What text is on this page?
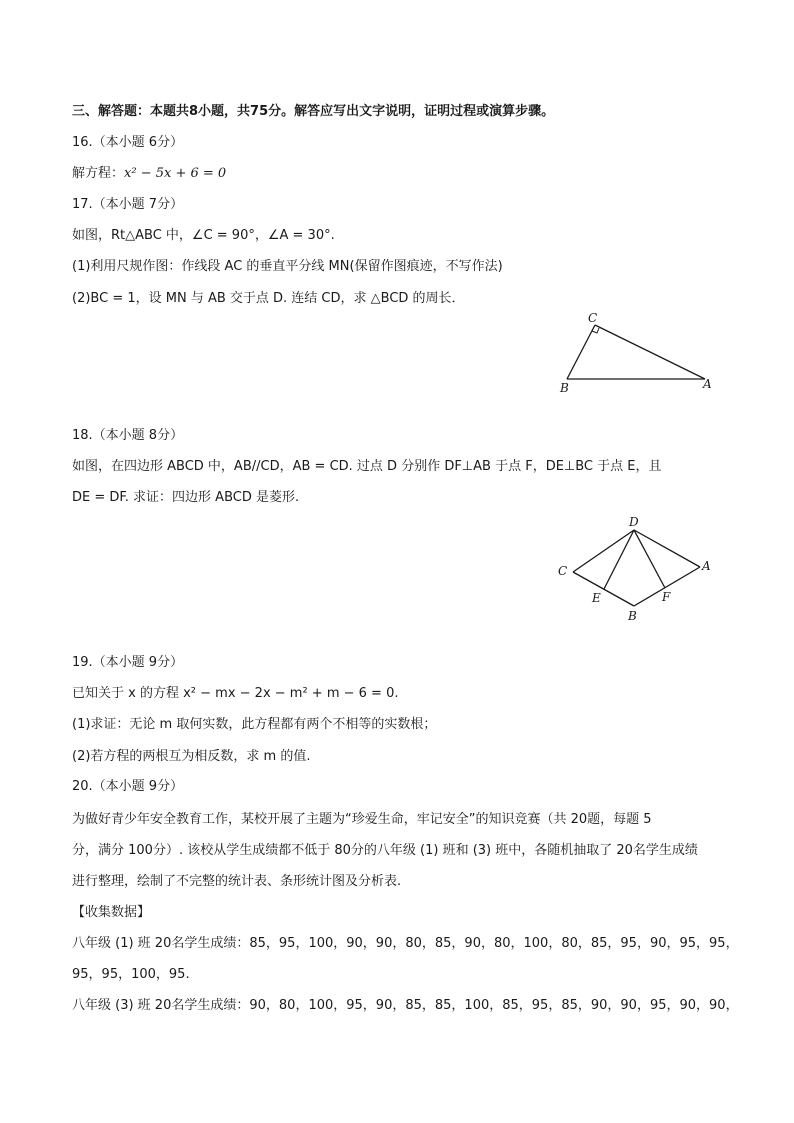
三、解答题：本题共8小题，共75分。解答应写出文字说明，证明过程或演算步骤。
16.（本小题 6分）
解方程：x² − 5x + 6 = 0
17.（本小题 7分）
如图，Rt△ABC 中，∠C = 90°，∠A = 30°.
(1)利用尺规作图：作线段 AC 的垂直平分线 MN(保留作图痕迹，不写作法)
(2)BC = 1，设 MN 与 AB 交于点 D. 连结 CD，求 △BCD 的周长．
C
B	A
18.（本小题 8分）
如图，在四边形 ABCD 中，AB//CD，AB = CD. 过点 D 分别作 DF⊥AB 于点 F，DE⊥BC 于点 E，且
DE = DF. 求证：四边形 ABCD 是菱形.
D
C	A
E	F
B
19.（本小题 9分）
已知关于 x 的方程 x² − mx − 2x − m² + m − 6 = 0.
(1)求证：无论 m 取何实数，此方程都有两个不相等的实数根；
(2)若方程的两根互为相反数，求 m 的值.
20.（本小题 9分）
为做好青少年安全教育工作，某校开展了主题为“珍爱生命，牢记安全”的知识竞赛（共 20题，每题 5
分，满分 100分）. 该校从学生成绩都不低于 80分的八年级 (1) 班和 (3) 班中，各随机抽取了 20名学生成绩
进行整理，绘制了不完整的统计表、条形统计图及分析表.
【收集数据】
八年级 (1) 班 20名学生成绩：85，95，100，90，90，80，85，90，80，100，80，85，95，90，95，95，
95，95，100，95.
八年级 (3) 班 20名学生成绩：90，80，100，95，90，85，85，100，85，95，85，90，90，95，90，90，
